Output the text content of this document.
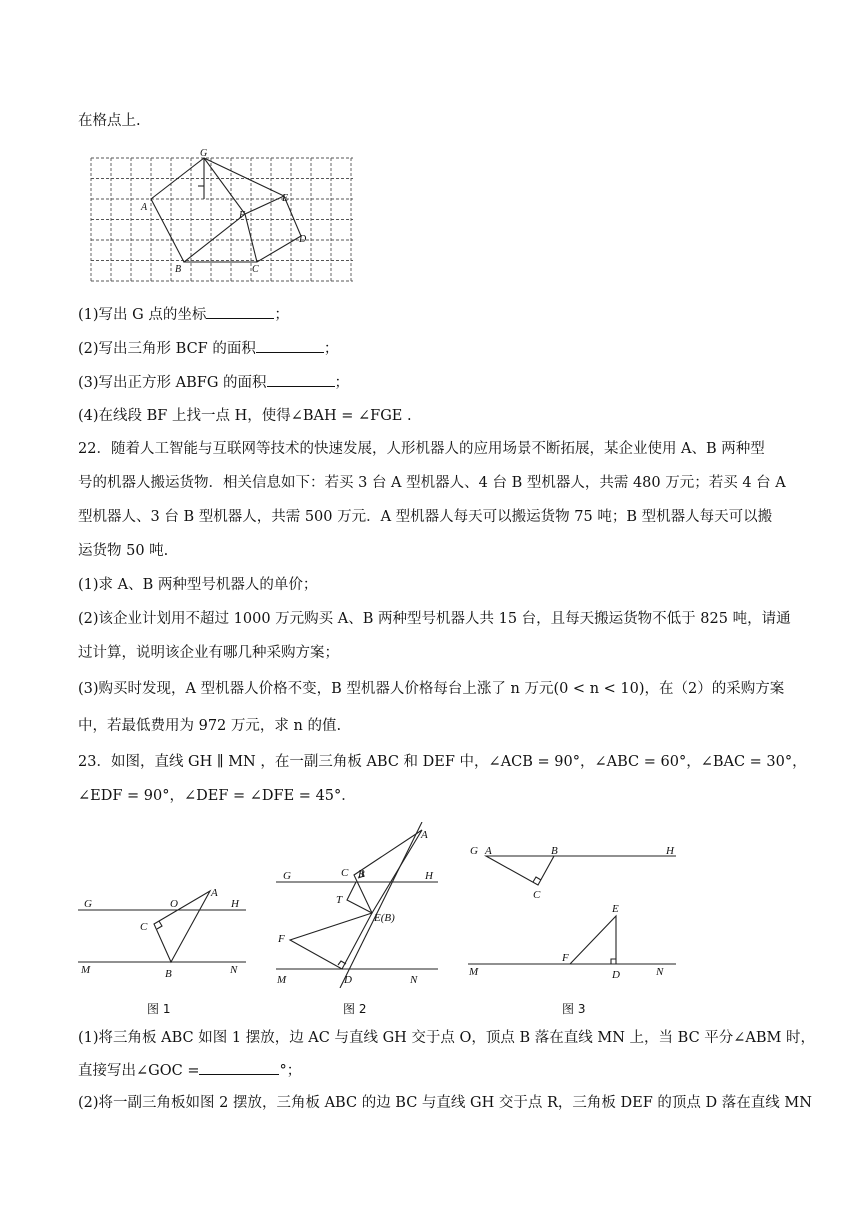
在格点上.
G
A
F
E
D
B	C
(1)写出 G 点的坐标	；
(2)写出三角形 BCF 的面积	；
(3)写出正方形 ABFG 的面积	；
(4)在线段 BF 上找一点 H，使得∠BAH = ∠FGE .
22．随着人工智能与互联网等技术的快速发展，人形机器人的应用场景不断拓展，某企业使用 A、B 两种型
号的机器人搬运货物．相关信息如下：若买 3 台 A 型机器人、4 台 B 型机器人，共需 480 万元；若买 4 台 A
型机器人、3 台 B 型机器人，共需 500 万元．A 型机器人每天可以搬运货物 75 吨；B 型机器人每天可以搬
运货物 50 吨.
(1)求 A、B 两种型号机器人的单价；
(2)该企业计划用不超过 1000 万元购买 A、B 两种型号机器人共 15 台，且每天搬运货物不低于 825 吨，请通
过计算，说明该企业有哪几种采购方案；
(3)购买时发现，A 型机器人价格不变，B 型机器人价格每台上涨了 n 万元(0 < n < 10)，在（2）的采购方案
中，若最低费用为 972 万元，求 n 的值.
23．如图，直线 GH ∥ MN ，在一副三角板 ABC 和 DEF 中，∠ACB = 90°，∠ABC = 60°，∠BAC = 30°，
∠EDF = 90°，∠DEF = ∠DFE = 45°．
G	O
A
H
C
M	B	N
图 1
C R
A
G	H
T
E(B)
F
M	D	N
图 2
G A	B	H
C
E
M
F
D	N
图 3
(1)将三角板 ABC 如图 1 摆放，边 AC 与直线 GH 交于点 O，顶点 B 落在直线 MN 上，当 BC 平分∠ABM 时，
直接写出∠GOC =	°；
(2)将一副三角板如图 2 摆放，三角板 ABC 的边 BC 与直线 GH 交于点 R，三角板 DEF 的顶点 D 落在直线 MN
